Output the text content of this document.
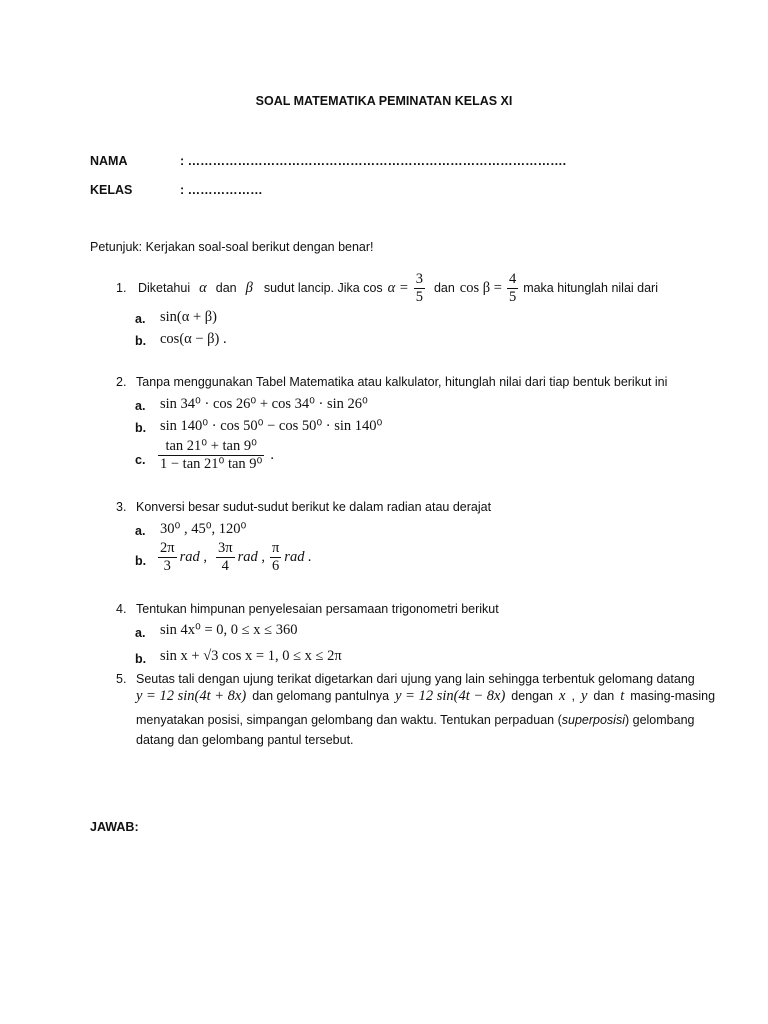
SOAL MATEMATIKA PEMINATAN KELAS XI
NAMA	: ……………………………………………………………………………….
KELAS	: ………………
Petunjuk: Kerjakan soal-soal berikut dengan benar!
1. Diketahui α dan β sudut lancip. Jika $\cos \alpha = \frac{3}{5}$ dan $\cos \beta = \frac{4}{5}$ maka hitunglah nilai dari
a. sin(α + β)
b. cos(α − β) .
2. Tanpa menggunakan Tabel Matematika atau kalkulator, hitunglah nilai dari tiap bentuk berikut ini
a. sin 34⁰ · cos 26⁰ + cos 34⁰ · sin 26⁰
b. sin 140⁰ · cos 50⁰ − cos 50⁰ · sin 140⁰
c. $\frac{\text{tan 21⁰ + tan 9⁰}}{\text{1 − tan 21⁰ tan 9⁰}}$ .
3. Konversi besar sudut-sudut berikut ke dalam radian atau derajat
a. 30⁰ , 45⁰, 120⁰
b. $\frac{2\pi}{3}$ rad , $\frac{3\pi}{4}$ rad , $\frac{\pi}{6}$ rad .
4. Tentukan himpunan penyelesaian persamaan trigonometri berikut
a. sin 4x⁰ = 0, 0 ≤ x ≤ 360
b. sin x + √3 cos x = 1, 0 ≤ x ≤ 2π
5. Seutas tali dengan ujung terikat digetarkan dari ujung yang lain sehingga terbentuk gelomang datang
y = 12 sin(4t + 8x) dan gelomang pantulnya y = 12 sin(4t − 8x) dengan x , y dan t masing-masing
menyatakan posisi, simpangan gelombang dan waktu. Tentukan perpaduan (superposisi) gelombang
datang dan gelombang pantul tersebut.
JAWAB:
